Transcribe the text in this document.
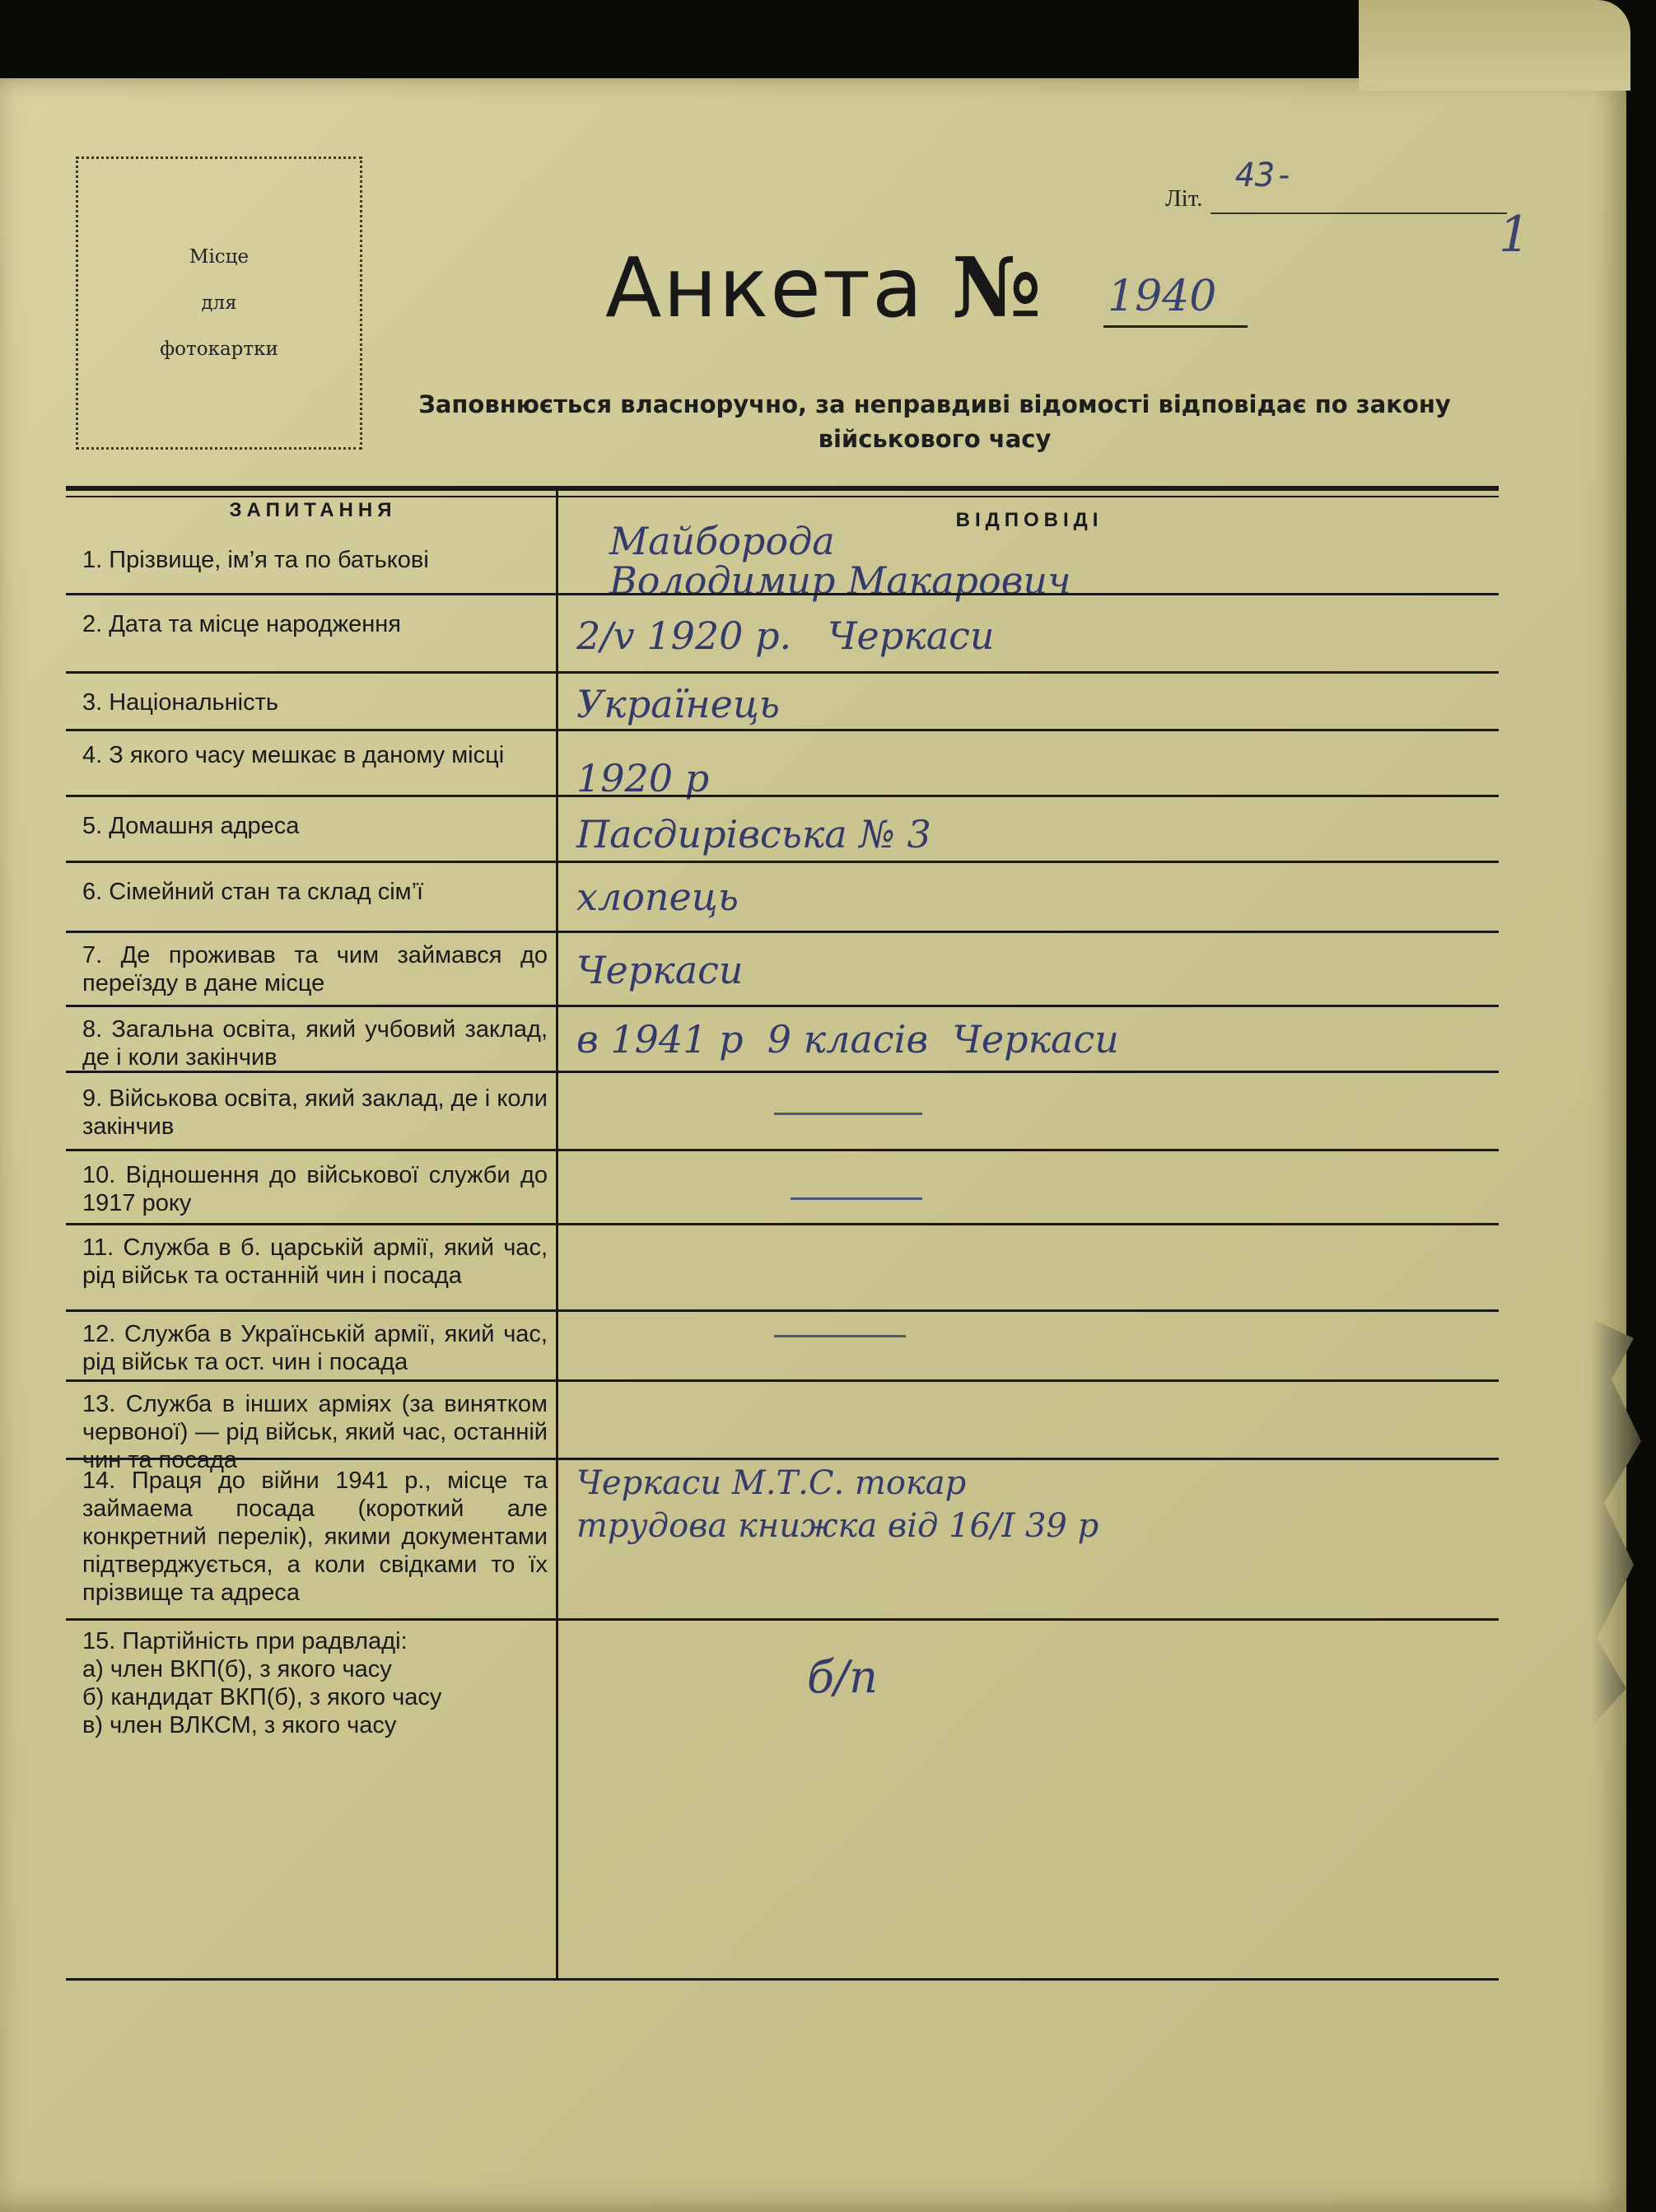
Місце
для
фотокартки
Літ.
43-
1
Анкета № 1940
Заповнюється власноручно, за неправдиві відомості відповідає по закону військового часу
ЗАПИТАННЯ	ВІДПОВІДІ
1. Прізвище, ім’я та по батькові	Майборода
Володимир Макарович
2. Дата та місце народження	2/v 1920 р.   Черкаси
3. Національність	Українець
4. З якого часу мешкає в даному місці
1920 р
5. Домашня адреса	Пасдирівська № 3
6. Сімейний стан та склад сім’ї	хлопець
7. Де проживав та чим займався до переїзду в дане місце	Черкаси
8. Загальна освіта, який учбовий заклад, де і коли закінчив	в 1941 р  9 класів  Черкаси
9. Військова освіта, який заклад, де і коли закінчив
10. Відношення до військової служби до 1917 року
11. Служба в б. царській армії, який час, рід військ та останній чин і посада
12. Служба в Українській армії, який час, рід військ та ост. чин і посада
13. Служба в інших арміях (за винятком червоної) — рід військ, який час, останній чин та посада
14. Праця до війни 1941 р., місце та займаема посада (короткий але конкретний перелік), якими документами підтверджується, а коли свідками то їх прізвище та адреса
Черкаси М.Т.С. токар
трудова книжка від 16/I 39 р
15. Партійність при радвладі:
а) член ВКП(б), з якого часу
б) кандидат ВКП(б), з якого часу
в) член ВЛКСМ, з якого часу
б/п
